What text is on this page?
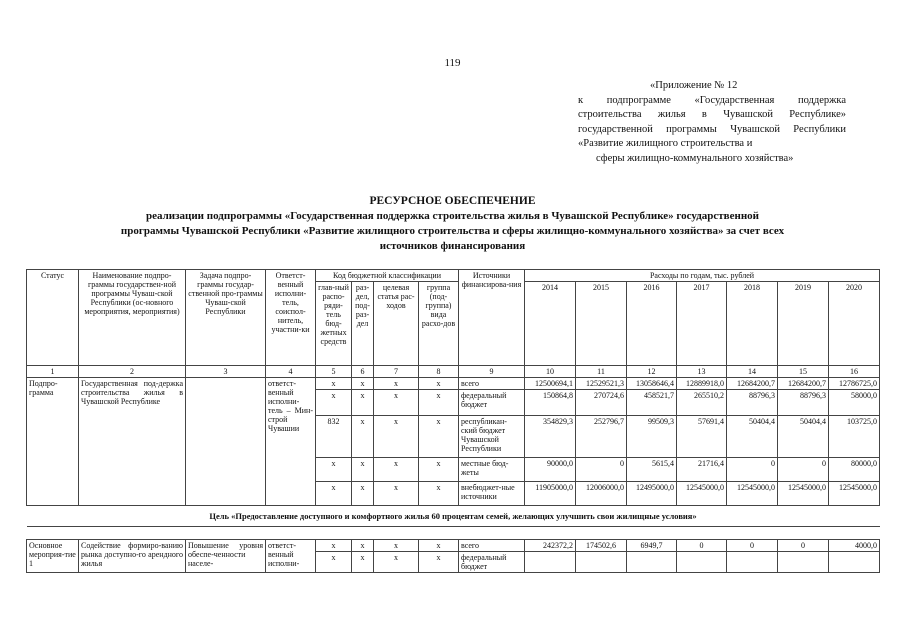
119
«Приложение № 12
к подпрограмме «Государственная поддержка строительства жилья в Чувашской Республике» государственной программы Чувашской Республики «Развитие жилищного строительства и
сферы жилищно-коммунального хозяйства»
РЕСУРСНОЕ ОБЕСПЕЧЕНИЕ
реализации подпрограммы «Государственная поддержка строительства жилья в Чувашской Республике» государственной
программы Чувашской Республики «Развитие жилищного строительства и сферы жилищно-коммунального хозяйства» за счет всех
источников финансирования
Статус	Наименование подпро-граммы государствен-ной программы Чуваш-ской Республики (ос-новного мероприятия, мероприятия)	Задача подпро-граммы государ-ственной про-граммы Чуваш-ской Республики	Ответст-венный исполни-тель, соиспол-нитель, участни-ки	Код бюджетной классификации				Источники финансирова-ния	Расходы по годам, тыс. рублей						
				глав-ный распо-ряди-тель бюд-жетных средств	раз-дел, под-раз-дел	целевая статья рас-ходов	группа (под-группа) вида расхо-дов		2014	2015	2016	2017	2018	2019	2020
1	2	3	4	5	6	7	8	9	10	11	12	13	14	15	16
Подпро-грамма	Государственная под-держка строительства жилья в Чувашской Республике		ответст-венный исполни-тель – Мин-строй Чувашии	x	x	x	x	всего	12500694,1	12529521,3	13058646,4	12889918,0	12684200,7	12684200,7	12786725,0
				x	x	x	x	федеральный бюджет	150864,8	270724,6	458521,7	265510,2	88796,3	88796,3	58000,0
				832	x	x	x	республикан-ский бюджет Чувашской Республики	354829,3	252796,7	99509,3	57691,4	50404,4	50404,4	103725,0
				x	x	x	x	местные бюд-жеты	90000,0	0	5615,4	21716,4	0	0	80000,0
				x	x	x	x	внебюджет-ные источники	11905000,0	12006000,0	12495000,0	12545000,0	12545000,0	12545000,0	12545000,0
Цель «Предоставление доступного и комфортного жилья 60 процентам семей, желающих улучшить свои жилищные условия»															

Основное мероприя-тие 1	Содействие формиро-ванию рынка доступно-го арендного жилья	Повышение уровня обеспе-ченности населе-	ответст-венный исполни-	x	x	x	x	всего	242372,2	174502,6	6949,7	0	0	0	4000,0
				x	x	x	x	федеральный бюджет							
